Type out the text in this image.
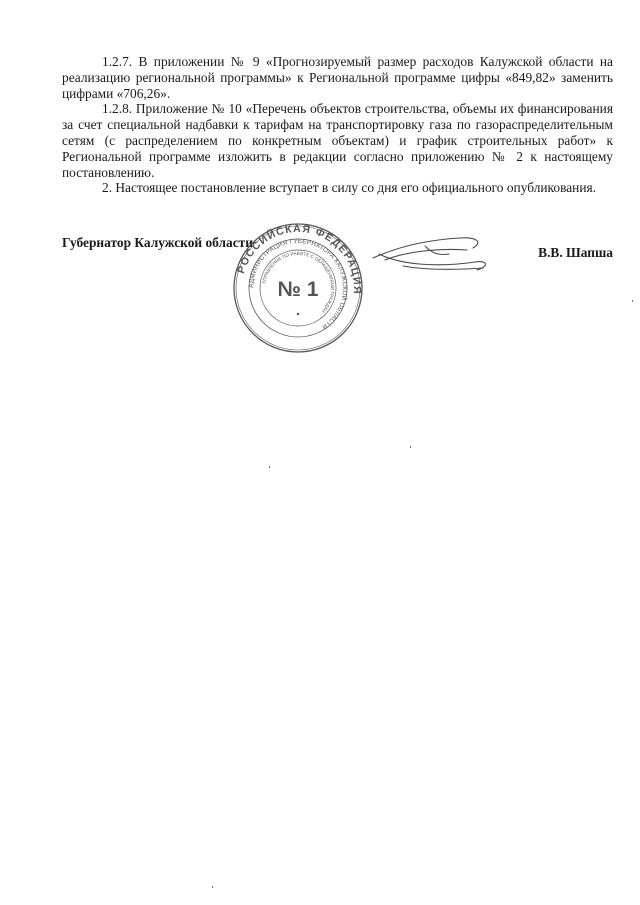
1.2.7. В приложении № 9 «Прогнозируемый размер расходов Калужской области на реализацию региональной программы» к Региональной программе цифры «849,82» заменить цифрами «706,26».

1.2.8. Приложение № 10 «Перечень объектов строительства, объемы их финансирования за счет специальной надбавки к тарифам на транспортировку газа по газораспределительным сетям (с распределением по конкретным объектам) и график строительных работ» к Региональной программе изложить в редакции согласно приложению № 2 к настоящему постановлению.

2. Настоящее постановление вступает в силу со дня его официального опубликования.

Губернатор Калужской области
В.В. Шапша
РОССИЙСКАЯ ФЕДЕРАЦИЯ
АДМИНИСТРАЦИЯ ГУБЕРНАТОРА КАЛУЖСКОЙ ОБЛАСТИ
УПРАВЛЕНИЕ ПО РАБОТЕ С ОБРАЩЕНИЯМИ ГРАЖДАН
№ 1
